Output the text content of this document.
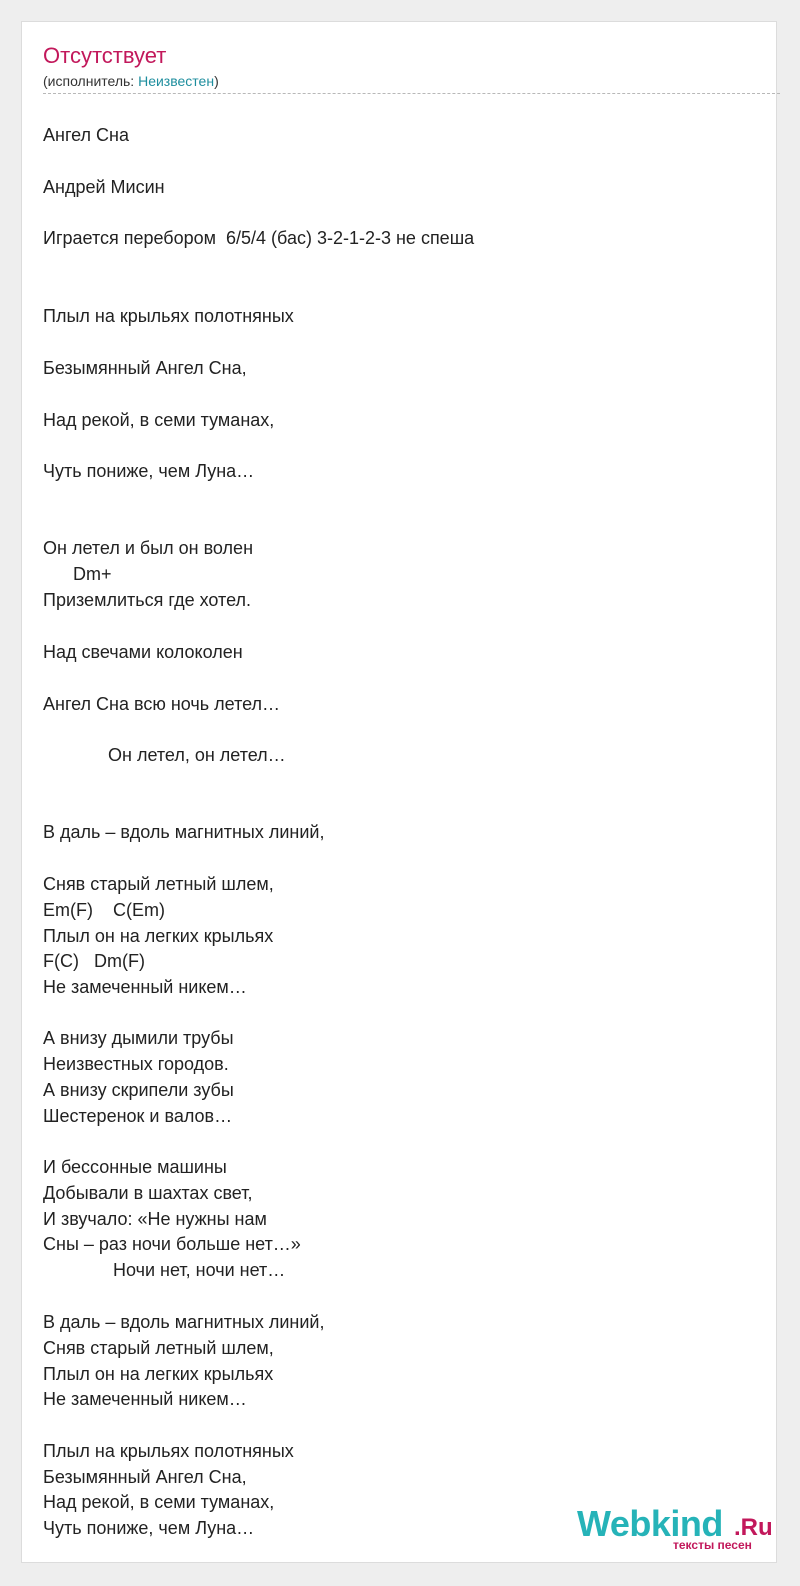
Отсутствует
(исполнитель: Неизвестен)
Ангел Сна
Андрей Мисин
Играется перебором  6/5/4 (бас) 3-2-1-2-3 не спеша
Плыл на крыльях полотняных
Безымянный Ангел Сна,
Над рекой, в семи туманах,
Чуть пониже, чем Луна…
Он летел и был он волен
Dm+
Приземлиться где хотел.
Над свечами колоколен
Ангел Сна всю ночь летел…
Он летел, он летел…
В даль – вдоль магнитных линий,
Сняв старый летный шлем,
Em(F)    C(Em)
Плыл он на легких крыльях
F(C)   Dm(F)
Не замеченный никем…
А внизу дымили трубы
Неизвестных городов.
А внизу скрипели зубы
Шестеренок и валов…
И бессонные машины
Добывали в шахтах свет,
И звучало: «Не нужны нам
Сны – раз ночи больше нет…»
Ночи нет, ночи нет…
В даль – вдоль магнитных линий,
Сняв старый летный шлем,
Плыл он на легких крыльях
Не замеченный никем…
Плыл на крыльях полотняных
Безымянный Ангел Сна,
Над рекой, в семи туманах,
Чуть пониже, чем Луна…	Webkind .Ru
тексты песен
